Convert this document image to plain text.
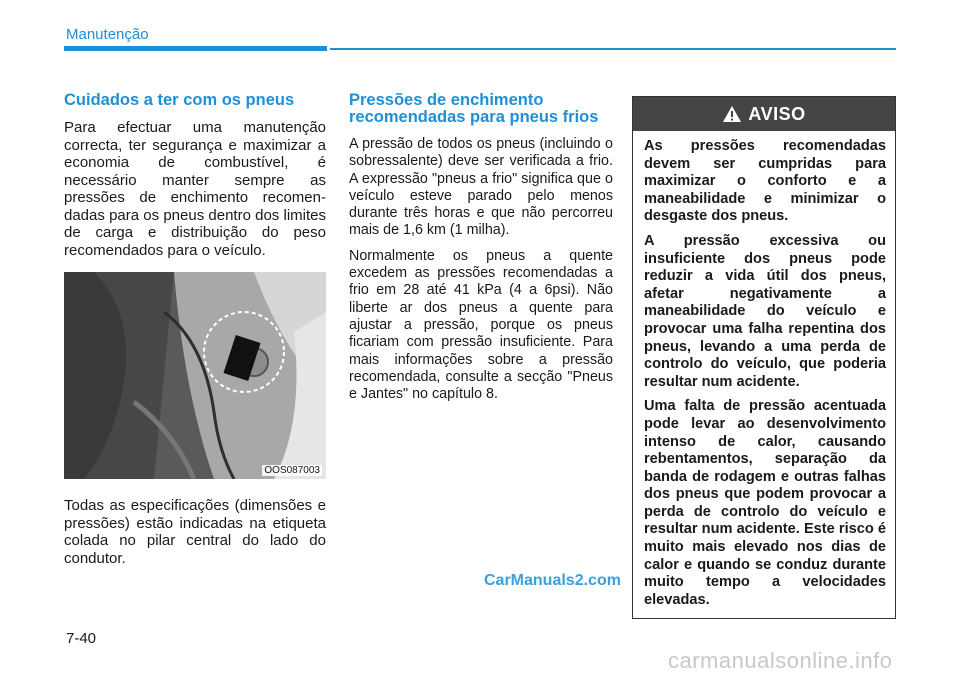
Manutenção
Cuidados a ter com os pneus

Para efectuar uma manutenção correcta, ter segurança e maximizar a economia de combustível, é necessário manter sempre as pressões de enchimento recomen-dadas para os pneus dentro dos limites de carga e distribuição do peso recomendados para o veículo.

OOS087003
Todas as especificações (dimensões e pressões) estão indicadas na etiqueta colada no pilar central do lado do condutor.
Pressões de enchimento recomendadas para pneus frios

A pressão de todos os pneus (incluindo o sobressalente) deve ser verificada a frio. A expressão "pneus a frio" significa que o veículo esteve parado pelo menos durante três horas e que não percorreu mais de 1,6 km (1 milha).

Normalmente os pneus a quente excedem as pressões recomendadas a frio em 28 até 41 kPa (4 a 6psi). Não liberte ar dos pneus a quente para ajustar a pressão, porque os pneus ficariam com pressão insuficiente. Para mais informações sobre a pressão recomendada, consulte a secção "Pneus e Jantes" no capítulo 8.

AVISO

As pressões recomendadas devem ser cumpridas para maximizar o conforto e a maneabilidade e minimizar o desgaste dos pneus.

A pressão excessiva ou insuficiente dos pneus pode reduzir a vida útil dos pneus, afetar negativamente a maneabilidade do veículo e provocar uma falha repentina dos pneus, levando a uma perda de controlo do veículo, que poderia resultar num acidente.

Uma falta de pressão acentuada pode levar ao desenvolvimento intenso de calor, causando rebentamentos, separação da banda de rodagem e outras falhas dos pneus que podem provocar a perda de controlo do veículo e resultar num acidente. Este risco é muito mais elevado nos dias de calor e quando se conduz durante muito tempo a velocidades elevadas.

CarManuals2.com
7-40
carmanualsonline.info
